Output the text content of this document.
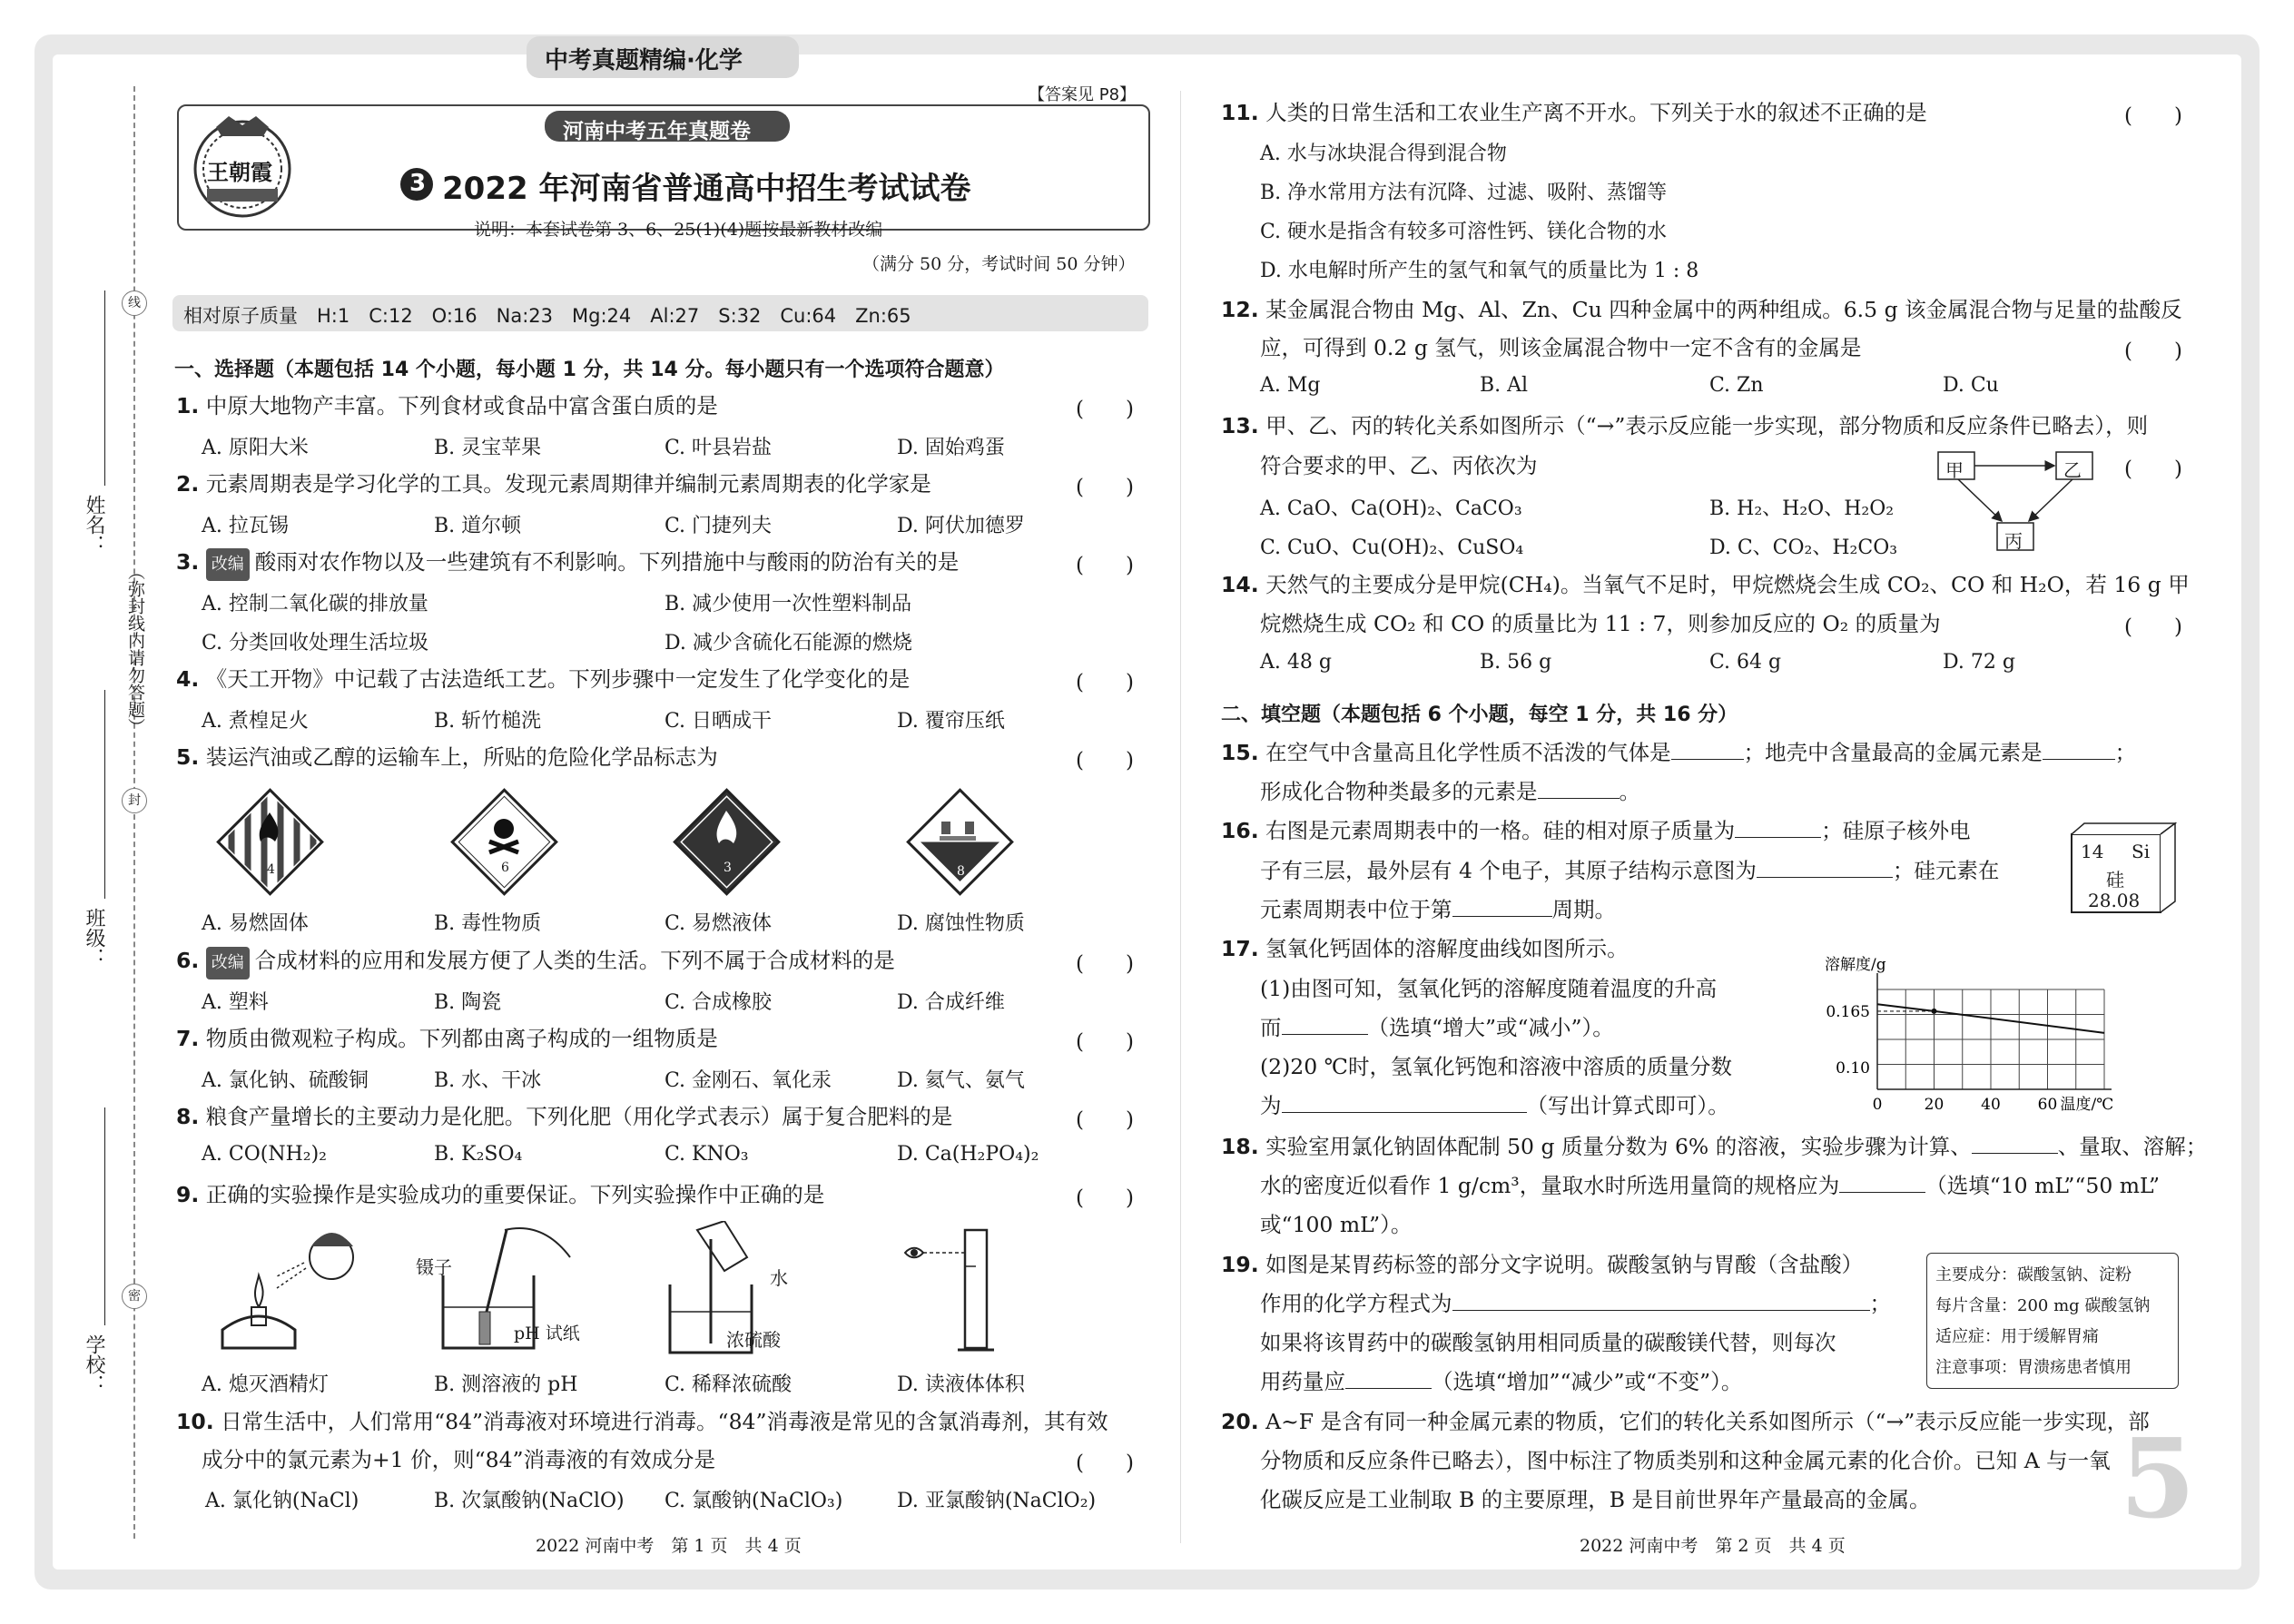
中考真题精编·化学
线
封
密
（弥封线内请勿答题）
姓名：
班级：
学校：
王朝霞
河南中考五年真题卷
【答案见 P8】
3 2022 年河南省普通高中招生考试试卷
说明：本套试卷第 3、6、25(1)(4)题按最新教材改编
（满分 50 分，考试时间 50 分钟）
相对原子质量　H:1　C:12　O:16　Na:23　Mg:24　Al:27　S:32　Cu:64　Zn:65
一、选择题（本题包括 14 个小题，每小题 1 分，共 14 分。每小题只有一个选项符合题意）
1. 中原大地物产丰富。下列食材或食品中富含蛋白质的是	(　　)
A. 原阳大米	B. 灵宝苹果	C. 叶县岩盐	D. 固始鸡蛋
2. 元素周期表是学习化学的工具。发现元素周期律并编制元素周期表的化学家是	(　　)
A. 拉瓦锡	B. 道尔顿	C. 门捷列夫	D. 阿伏加德罗
3. 改编 酸雨对农作物以及一些建筑有不利影响。下列措施中与酸雨的防治有关的是	(　　)
A. 控制二氧化碳的排放量	B. 减少使用一次性塑料制品
C. 分类回收处理生活垃圾	D. 减少含硫化石能源的燃烧
4. 《天工开物》中记载了古法造纸工艺。下列步骤中一定发生了化学变化的是	(　　)
A. 煮楻足火	B. 斩竹槌洗	C. 日晒成干	D. 覆帘压纸
5. 装运汽油或乙醇的运输车上，所贴的危险化学品标志为	(　　)
4	6	3	8
A. 易燃固体	B. 毒性物质	C. 易燃液体	D. 腐蚀性物质
6. 改编 合成材料的应用和发展方便了人类的生活。下列不属于合成材料的是	(　　)
A. 塑料	B. 陶瓷	C. 合成橡胶	D. 合成纤维
7. 物质由微观粒子构成。下列都由离子构成的一组物质是	(　　)
A. 氯化钠、硫酸铜	B. 水、干冰	C. 金刚石、氧化汞	D. 氦气、氨气
8. 粮食产量增长的主要动力是化肥。下列化肥（用化学式表示）属于复合肥料的是	(　　)
A. CO(NH₂)₂	B. K₂SO₄	C. KNO₃	D. Ca(H₂PO₄)₂
9. 正确的实验操作是实验成功的重要保证。下列实验操作中正确的是	(　　)
镊子
pH 试纸
水
浓硫酸
A. 熄灭酒精灯	B. 测溶液的 pH	C. 稀释浓硫酸	D. 读液体体积
10. 日常生活中，人们常用“84”消毒液对环境进行消毒。“84”消毒液是常见的含氯消毒剂，其有效
成分中的氯元素为+1 价，则“84”消毒液的有效成分是	(　　)
A. 氯化钠(NaCl)	B. 次氯酸钠(NaClO) C. 氯酸钠(NaClO₃)	D. 亚氯酸钠(NaClO₂)
2022 河南中考　第 1 页　共 4 页
11. 人类的日常生活和工农业生产离不开水。下列关于水的叙述不正确的是	(　　)
A. 水与冰块混合得到混合物
B. 净水常用方法有沉降、过滤、吸附、蒸馏等
C. 硬水是指含有较多可溶性钙、镁化合物的水
D. 水电解时所产生的氢气和氧气的质量比为 1 : 8
12. 某金属混合物由 Mg、Al、Zn、Cu 四种金属中的两种组成。6.5 g 该金属混合物与足量的盐酸反
应，可得到 0.2 g 氢气，则该金属混合物中一定不含有的金属是	(　　)
A. Mg	B. Al	C. Zn	D. Cu
13. 甲、乙、丙的转化关系如图所示（“→”表示反应能一步实现，部分物质和反应条件已略去），则
符合要求的甲、乙、丙依次为	(　　)
甲	乙
丙
A. CaO、Ca(OH)₂、CaCO₃	B. H₂、H₂O、H₂O₂
C. CuO、Cu(OH)₂、CuSO₄	D. C、CO₂、H₂CO₃
14. 天然气的主要成分是甲烷(CH₄)。当氧气不足时，甲烷燃烧会生成 CO₂、CO 和 H₂O，若 16 g 甲
烷燃烧生成 CO₂ 和 CO 的质量比为 11 : 7，则参加反应的 O₂ 的质量为	(　　)
A. 48 g	B. 56 g	C. 64 g	D. 72 g
二、填空题（本题包括 6 个小题，每空 1 分，共 16 分）
15. 在空气中含量高且化学性质不活泼的气体是	；地壳中含量最高的金属元素是	；
形成化合物种类最多的元素是	。
16. 右图是元素周期表中的一格。硅的相对原子质量为	；硅原子核外电
子有三层，最外层有 4 个电子，其原子结构示意图为	；硅元素在
元素周期表中位于第	周期。
14 Si
硅
28.08
17. 氢氧化钙固体的溶解度曲线如图所示。
(1)由图可知，氢氧化钙的溶解度随着温度的升高
而	（选填“增大”或“减小”）。
(2)20 ℃时，氢氧化钙饱和溶液中溶质的质量分数
为	（写出计算式即可）。
0.165
0.10
0	20 40 60
溶解度/g
温度/℃
18. 实验室用氯化钠固体配制 50 g 质量分数为 6% 的溶液，实验步骤为计算、	、量取、溶解；
水的密度近似看作 1 g/cm³，量取水时所选用量筒的规格应为	（选填“10 mL”“50 mL”
或“100 mL”）。
19. 如图是某胃药标签的部分文字说明。碳酸氢钠与胃酸（含盐酸）
作用的化学方程式为	；
如果将该胃药中的碳酸氢钠用相同质量的碳酸镁代替，则每次
用药量应	（选填“增加”“减少”或“不变”）。
主要成分：碳酸氢钠、淀粉
每片含量：200 mg 碳酸氢钠
适应症：用于缓解胃痛
注意事项：胃溃疡患者慎用
20. A~F 是含有同一种金属元素的物质，它们的转化关系如图所示（“→”表示反应能一步实现，部
分物质和反应条件已略去），图中标注了物质类别和这种金属元素的化合价。已知 A 与一氧
化碳反应是工业制取 B 的主要原理，B 是目前世界年产量最高的金属。 5
2022 河南中考　第 2 页　共 4 页
